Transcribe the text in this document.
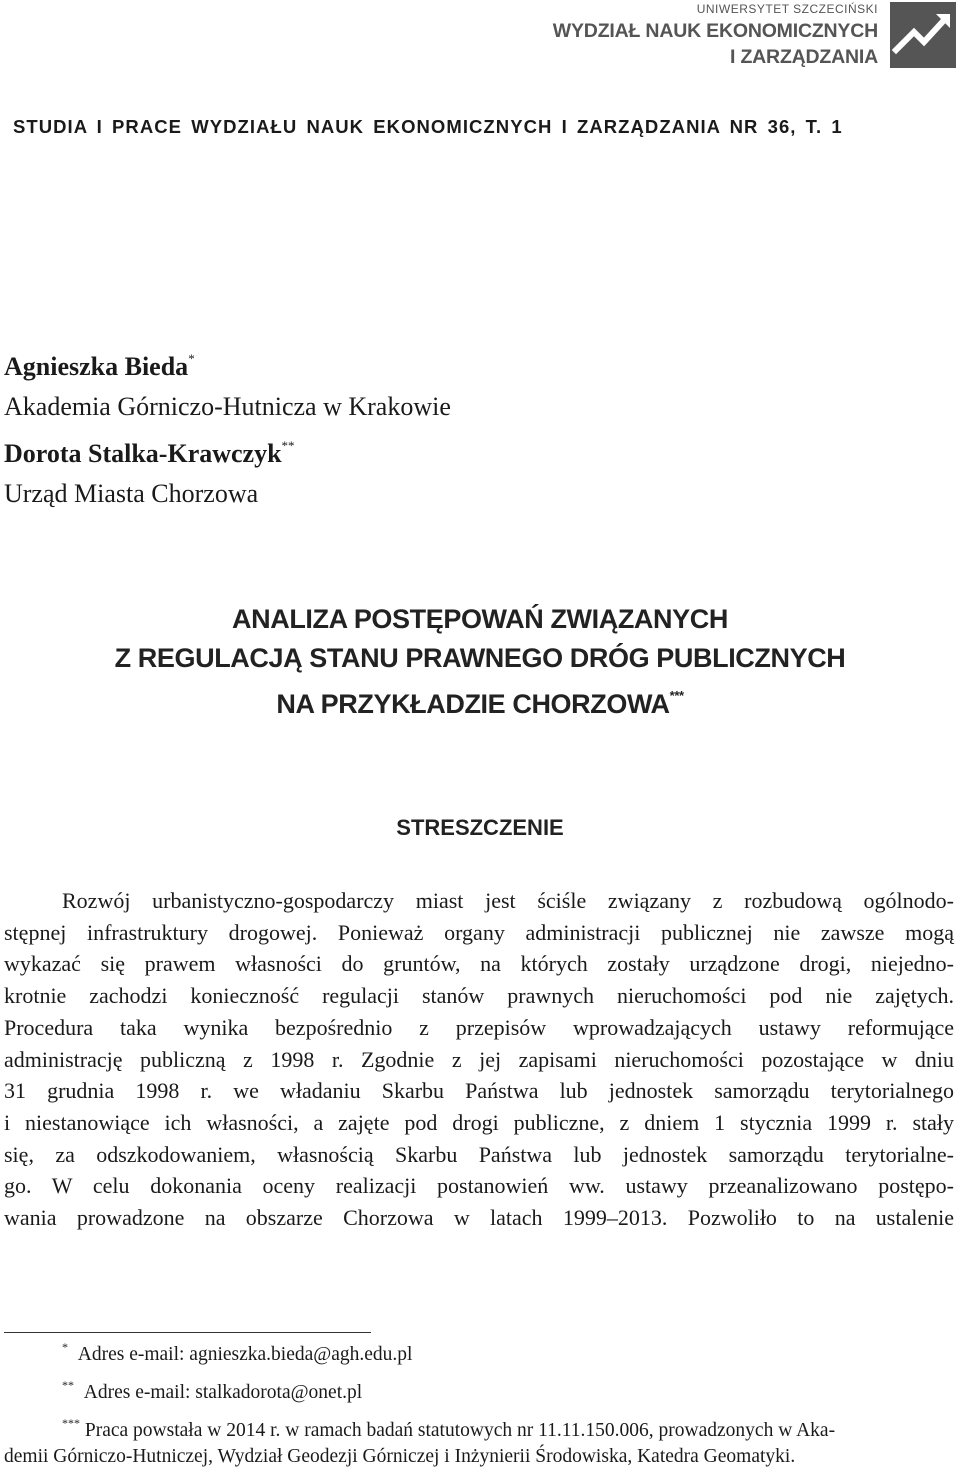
UNIWERSYTET SZCZECIŃSKI
WYDZIAŁ NAUK EKONOMICZNYCH
I ZARZĄDZANIA
STUDIA I PRACE WYDZIAŁU NAUK EKONOMICZNYCH I ZARZĄDZANIA NR 36, T. 1
Agnieszka Bieda*
Akademia Górniczo-Hutnicza w Krakowie
Dorota Stalka-Krawczyk**
Urząd Miasta Chorzowa
ANALIZA POSTĘPOWAŃ ZWIĄZANYCH
Z REGULACJĄ STANU PRAWNEGO DRÓG PUBLICZNYCH
NA PRZYKŁADZIE CHORZOWA***
STRESZCZENIE
Rozwój urbanistyczno-gospodarczy miast jest ściśle związany z rozbudową ogólnodo-
stępnej infrastruktury drogowej. Ponieważ organy administracji publicznej nie zawsze mogą
wykazać się prawem własności do gruntów, na których zostały urządzone drogi, niejedno-
krotnie zachodzi konieczność regulacji stanów prawnych nieruchomości pod nie zajętych.
Procedura taka wynika bezpośrednio z przepisów wprowadzających ustawy reformujące
administrację publiczną z 1998 r. Zgodnie z jej zapisami nieruchomości pozostające w dniu
31 grudnia 1998 r. we władaniu Skarbu Państwa lub jednostek samorządu terytorialnego
i niestanowiące ich własności, a zajęte pod drogi publiczne, z dniem 1 stycznia 1999 r. stały
się, za odszkodowaniem, własnością Skarbu Państwa lub jednostek samorządu terytorialne-
go. W celu dokonania oceny realizacji postanowień ww. ustawy przeanalizowano postępo-
wania prowadzone na obszarze Chorzowa w latach 1999–2013. Pozwoliło to na ustalenie
* Adres e-mail: agnieszka.bieda@agh.edu.pl
** Adres e-mail: stalkadorota@onet.pl
*** Praca powstała w 2014 r. w ramach badań statutowych nr 11.11.150.006, prowadzonych w Aka-
demii Górniczo-Hutniczej, Wydział Geodezji Górniczej i Inżynierii Środowiska, Katedra Geomatyki.
